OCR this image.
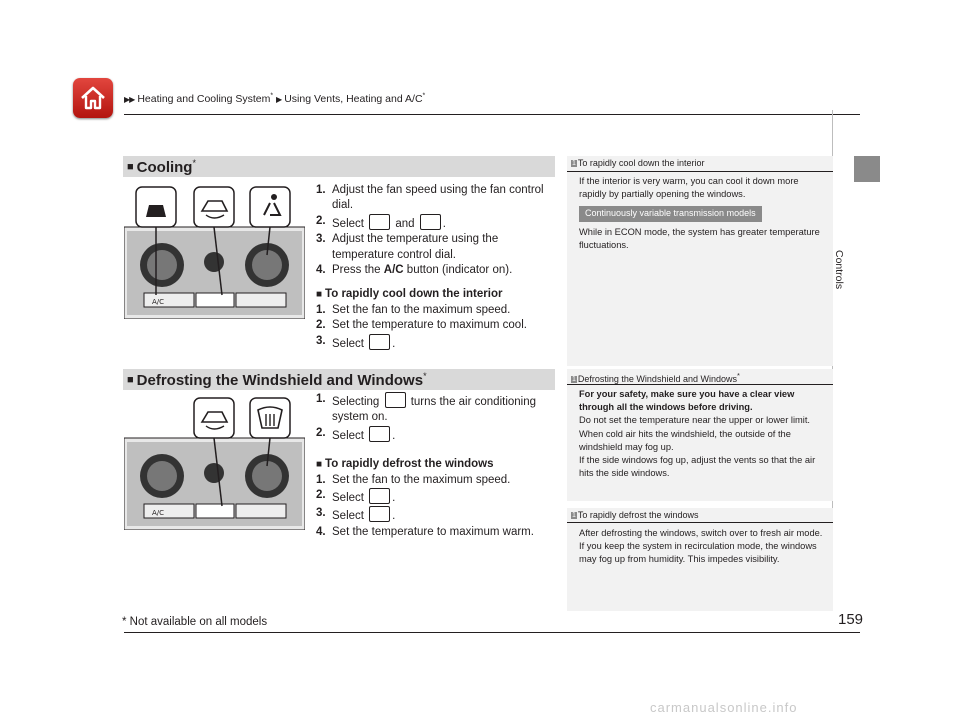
▶▶ Heating and Cooling System* ▶ Using Vents, Heating and A/C*
Controls
■ Cooling*
A/C
1. Adjust the fan speed using the fan control dial.
2. Select	and .
3. Adjust the temperature using the temperature control dial.
4. Press the A/C button (indicator on).
■ To rapidly cool down the interior
1. Set the fan to the maximum speed.
2. Set the temperature to maximum cool.
3. Select .
■ Defrosting the Windshield and Windows*
A/C
1. Selecting	turns the air conditioning system on.
2. Select .
■ To rapidly defrost the windows
1. Set the fan to the maximum speed.
2. Select .
3. Select .
4. Set the temperature to maximum warm.
1 To rapidly cool down the interior
If the interior is very warm, you can cool it down more rapidly by partially opening the windows.
Continuously variable transmission models
While in ECON mode, the system has greater temperature fluctuations.
1 Defrosting the Windshield and Windows*
For your safety, make sure you have a clear view through all the windows before driving.
Do not set the temperature near the upper or lower limit.
When cold air hits the windshield, the outside of the windshield may fog up.
If the side windows fog up, adjust the vents so that the air hits the side windows.
1 To rapidly defrost the windows
After defrosting the windows, switch over to fresh air mode.
If you keep the system in recirculation mode, the windows may fog up from humidity. This impedes visibility.
* Not available on all models	159
carmanualsonline.info
